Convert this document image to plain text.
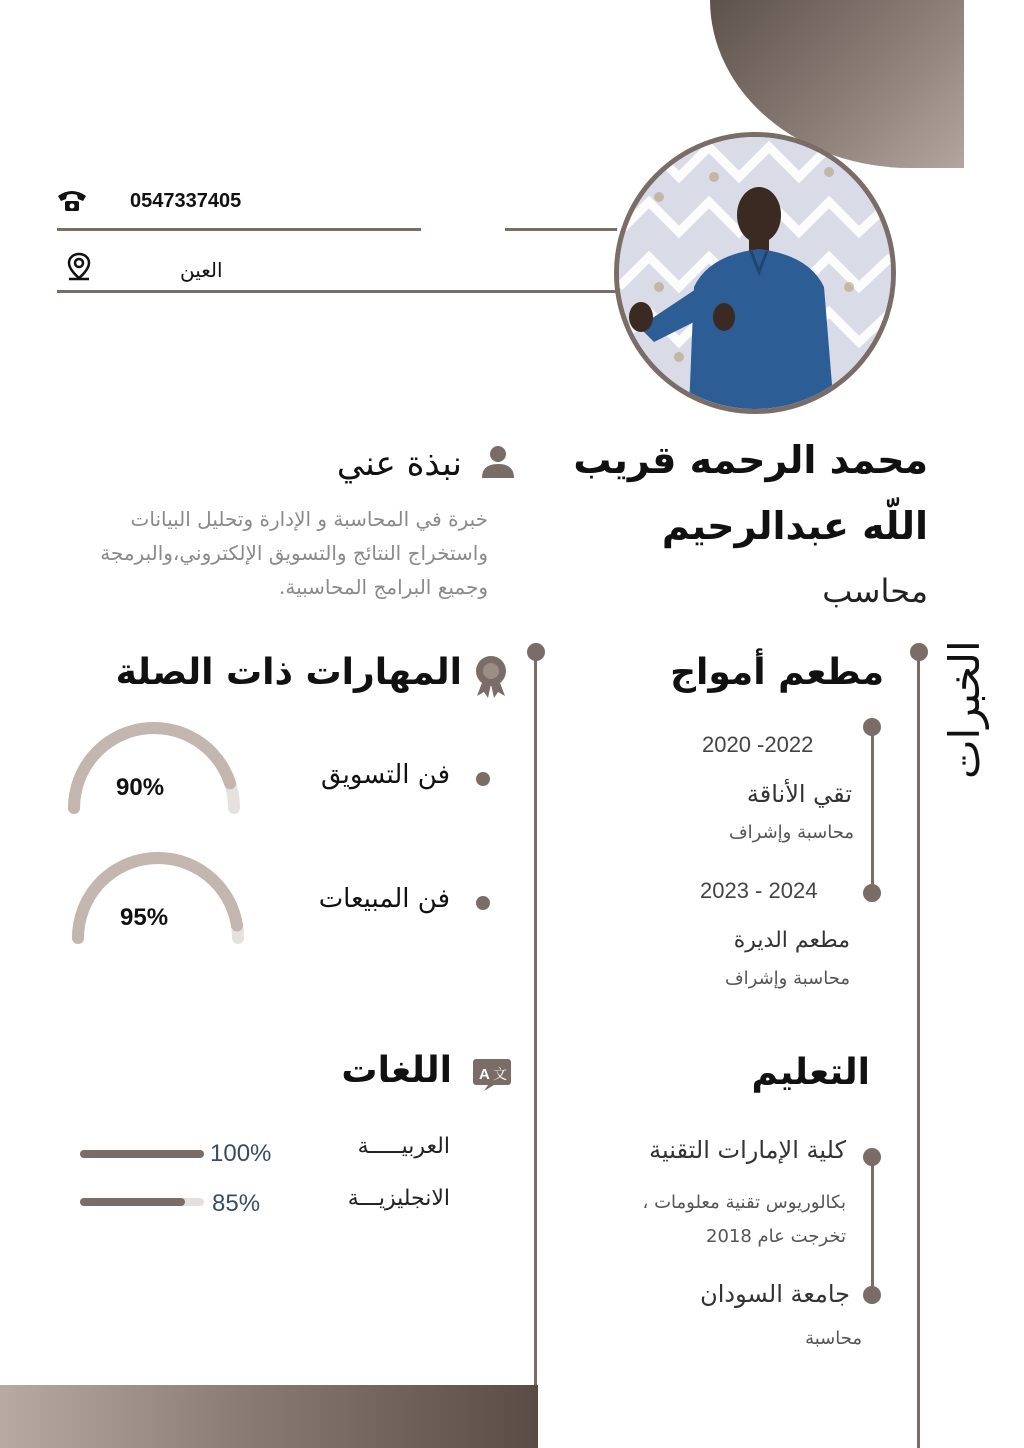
0547337405
العين
محمد الرحمه قريب
اللّه عبدالرحيم
محاسب
نبذة عني
خبرة في المحاسبة و الإدارة وتحليل البيانات واستخراج النتائج والتسويق الإلكتروني،والبرمجة وجميع البرامج المحاسبية.
الخبرات
مطعم أمواج
2020 -2022
تقي الأناقة
محاسبة وإشراف
2023 - 2024
مطعم الديرة
محاسبة وإشراف
التعليم
كلية الإمارات التقنية
بكالوريوس تقنية معلومات ، تخرجت عام 2018
جامعة السودان
محاسبة
المهارات ذات الصلة
فن التسويق
90%
فن المبيعات
95%
A 文
اللغات
العربيـــــة
100%
الانجليزيـــة
85%
